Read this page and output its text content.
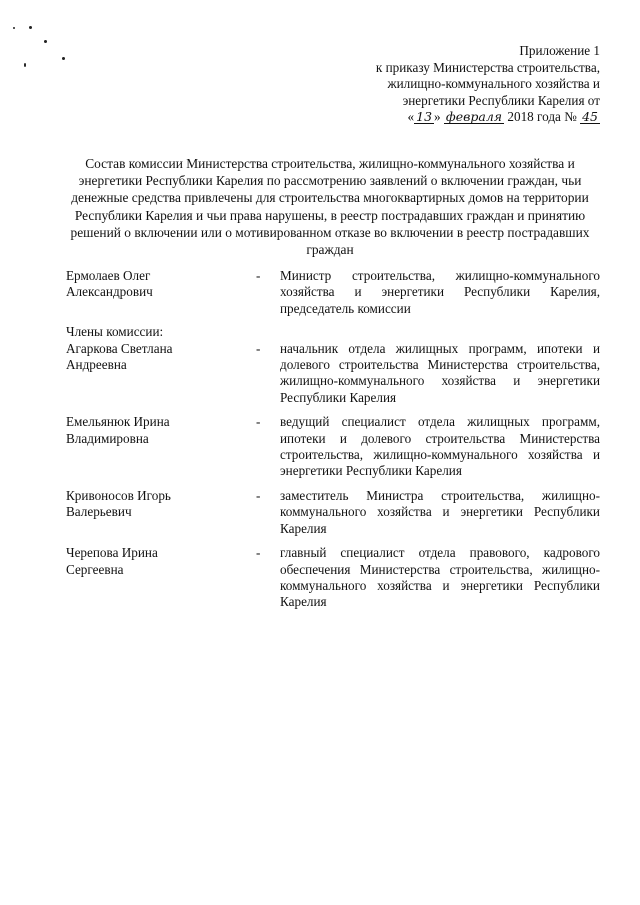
Приложение 1
к приказу Министерства строительства,
жилищно-коммунального хозяйства и
энергетики Республики Карелия от
« 13 » февраля 2018 года № 45
Состав комиссии Министерства строительства, жилищно-коммунального хозяйства и энергетики Республики Карелия по рассмотрению заявлений о включении граждан, чьи денежные средства привлечены для строительства многоквартирных домов на территории Республики Карелия и чьи права нарушены, в реестр пострадавших граждан и принятию решений о включении или о мотивированном отказе во включении в реестр пострадавших граждан
Ермолаев Олег Александрович
-	Министр строительства, жилищно-коммунального хозяйства и энергетики Республики Карелия, председатель комиссии
Члены комиссии:
Агаркова Светлана Андреевна
-	начальник отдела жилищных программ, ипотеки и долевого строительства Министерства строительства, жилищно-коммунального хозяйства и энергетики Республики Карелия
Емельянюк Ирина Владимировна
-	ведущий специалист отдела жилищных программ, ипотеки и долевого строительства Министерства строительства, жилищно-коммунального хозяйства и энергетики Республики Карелия
Кривоносов Игорь Валерьевич
-	заместитель Министра строительства, жилищно-коммунального хозяйства и энергетики Республики Карелия
Черепова Ирина Сергеевна
-	главный специалист отдела правового, кадрового обеспечения Министерства строительства, жилищно-коммунального хозяйства и энергетики Республики Карелия
